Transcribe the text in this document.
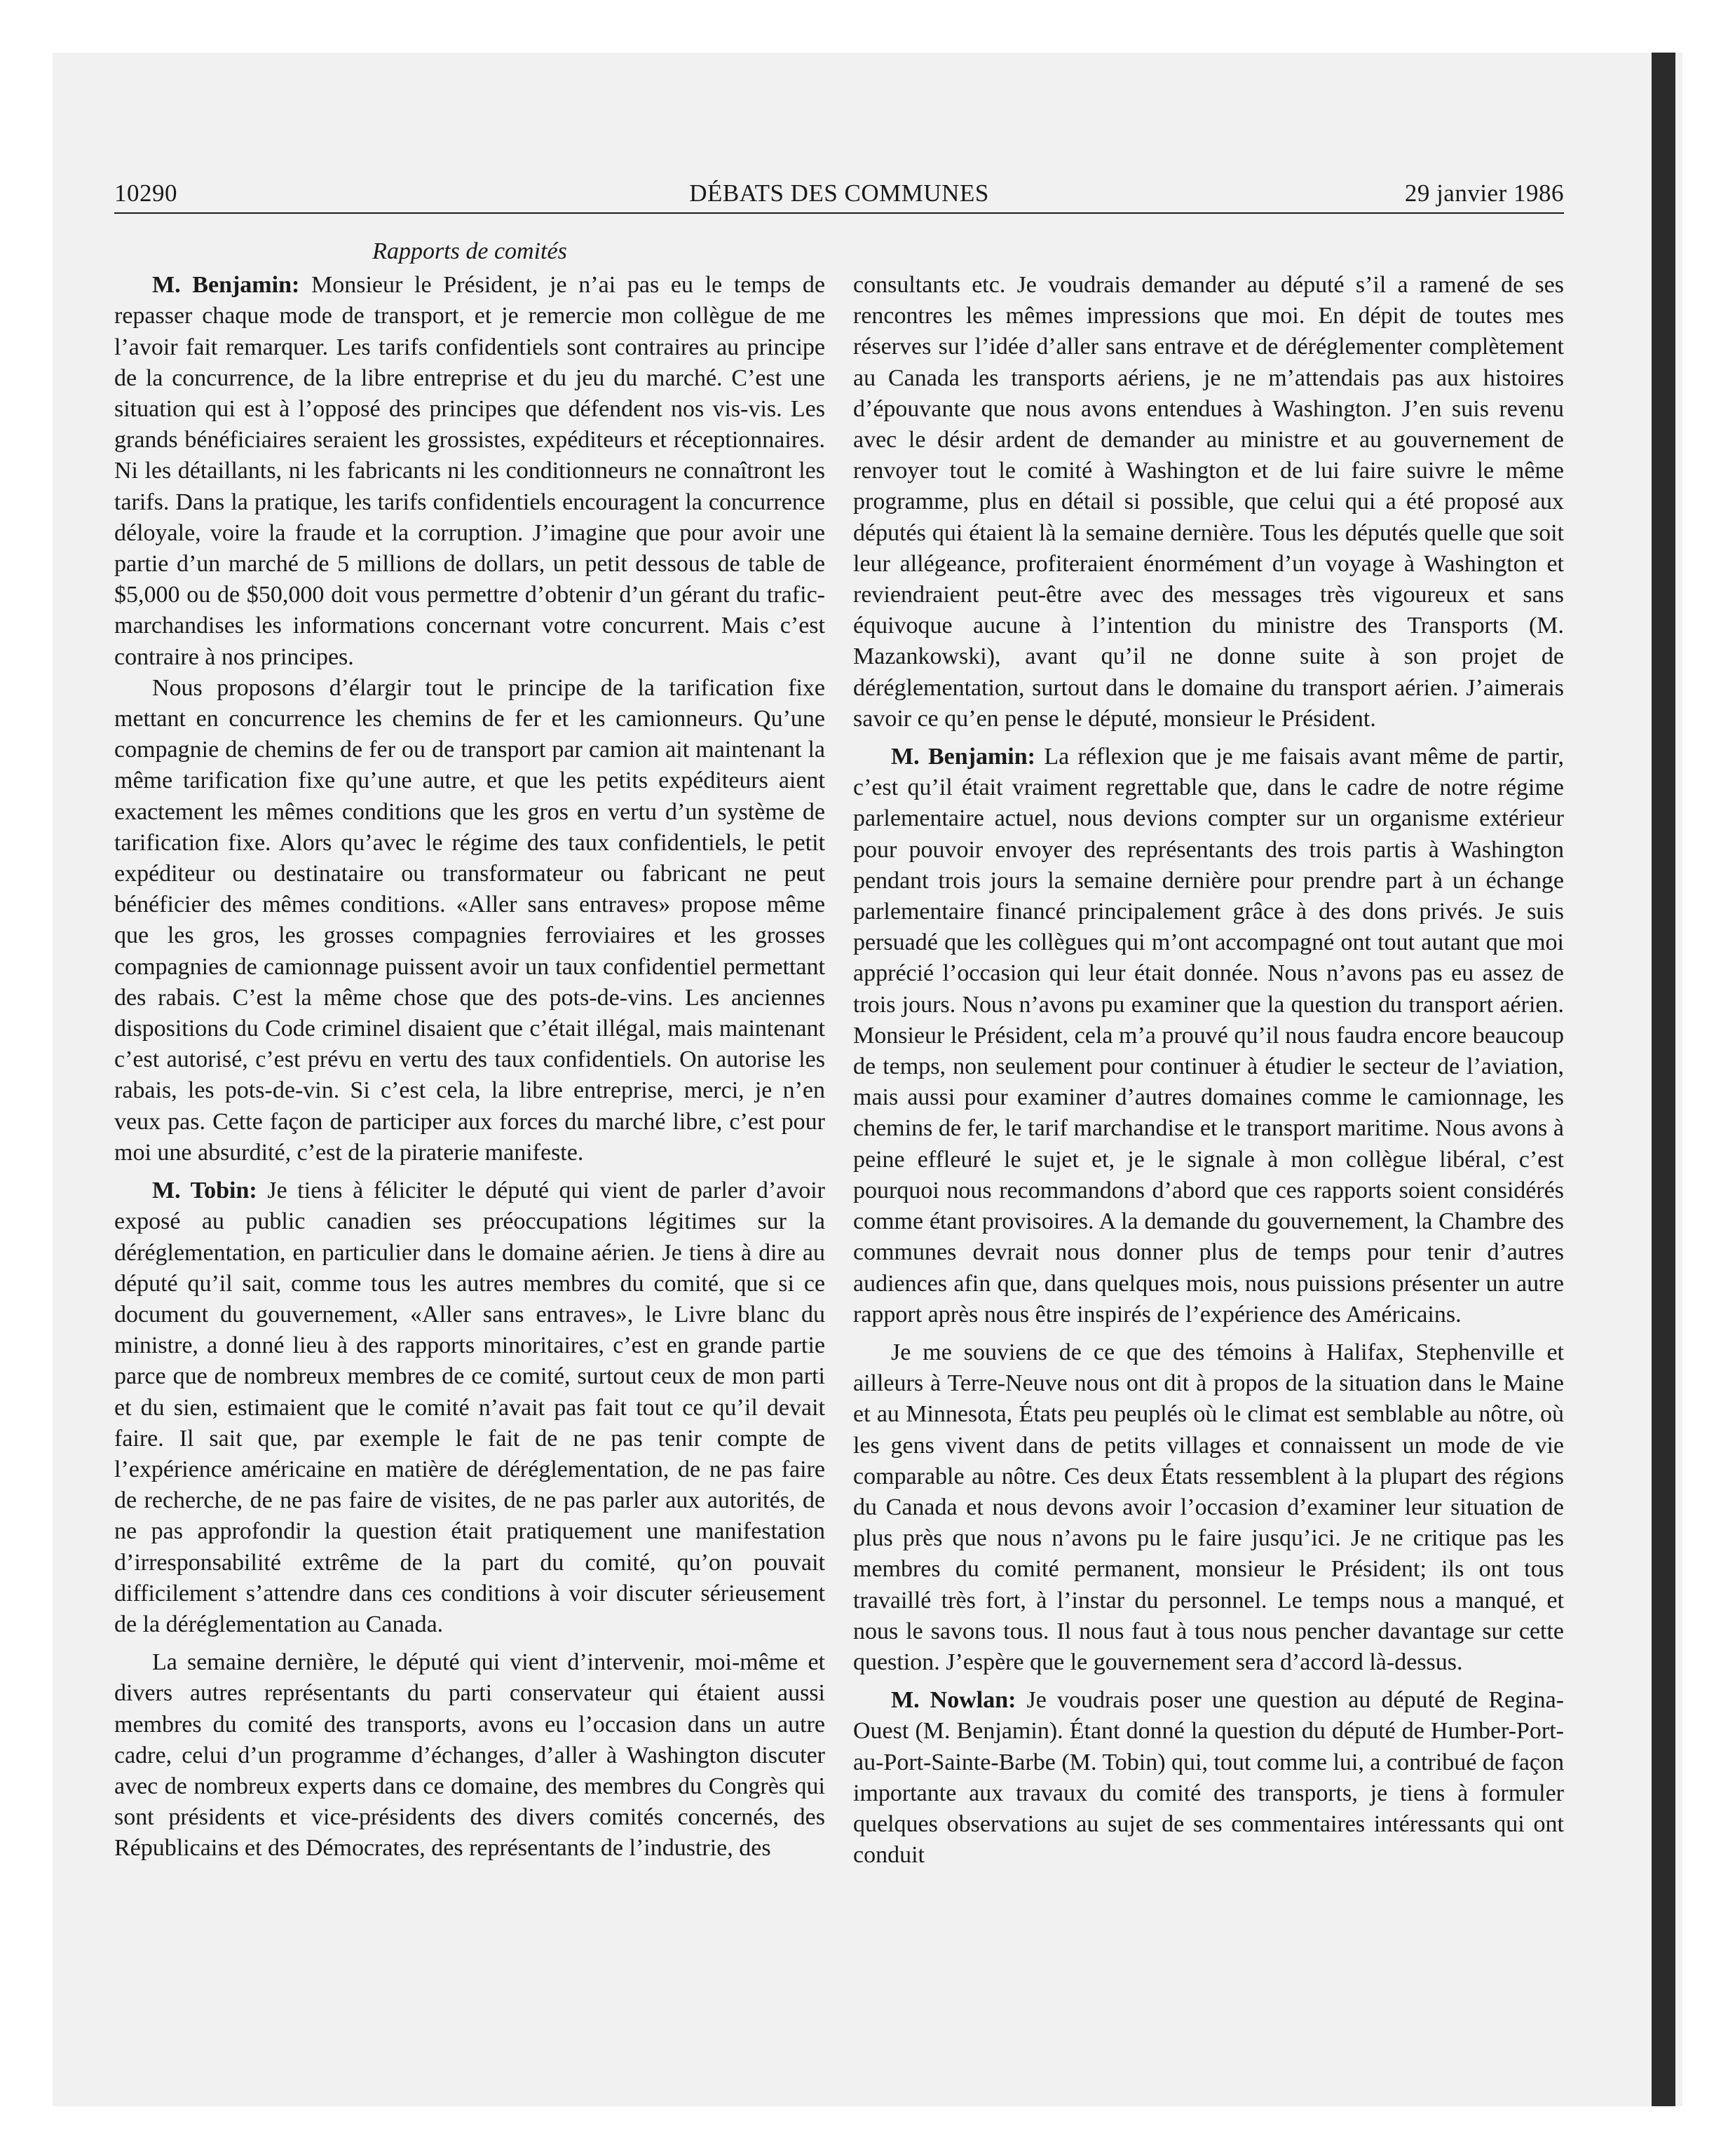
10290	DÉBATS DES COMMUNES	29 janvier 1986
Rapports de comités

M. Benjamin: Monsieur le Président, je n’ai pas eu le temps de repasser chaque mode de transport, et je remercie mon collègue de me l’avoir fait remarquer. Les tarifs confidentiels sont contraires au principe de la concurrence, de la libre entreprise et du jeu du marché. C’est une situation qui est à l’opposé des principes que défendent nos vis-vis. Les grands bénéficiaires seraient les grossistes, expéditeurs et réceptionnaires. Ni les détaillants, ni les fabricants ni les conditionneurs ne connaîtront les tarifs. Dans la pratique, les tarifs confidentiels encouragent la concurrence déloyale, voire la fraude et la corruption. J’imagine que pour avoir une partie d’un marché de 5 millions de dollars, un petit dessous de table de $5,000 ou de $50,000 doit vous permettre d’obtenir d’un gérant du trafic-marchandises les informations concernant votre concurrent. Mais c’est contraire à nos principes.

Nous proposons d’élargir tout le principe de la tarification fixe mettant en concurrence les chemins de fer et les camionneurs. Qu’une compagnie de chemins de fer ou de transport par camion ait maintenant la même tarification fixe qu’une autre, et que les petits expéditeurs aient exactement les mêmes conditions que les gros en vertu d’un système de tarification fixe. Alors qu’avec le régime des taux confidentiels, le petit expéditeur ou destinataire ou transformateur ou fabricant ne peut bénéficier des mêmes conditions. «Aller sans entraves» propose même que les gros, les grosses compagnies ferroviaires et les grosses compagnies de camionnage puissent avoir un taux confidentiel permettant des rabais. C’est la même chose que des pots-de-vins. Les anciennes dispositions du Code criminel disaient que c’était illégal, mais maintenant c’est autorisé, c’est prévu en vertu des taux confidentiels. On autorise les rabais, les pots-de-vin. Si c’est cela, la libre entreprise, merci, je n’en veux pas. Cette façon de participer aux forces du marché libre, c’est pour moi une absurdité, c’est de la piraterie manifeste.

M. Tobin: Je tiens à féliciter le député qui vient de parler d’avoir exposé au public canadien ses préoccupations légitimes sur la déréglementation, en particulier dans le domaine aérien. Je tiens à dire au député qu’il sait, comme tous les autres membres du comité, que si ce document du gouvernement, «Aller sans entraves», le Livre blanc du ministre, a donné lieu à des rapports minoritaires, c’est en grande partie parce que de nombreux membres de ce comité, surtout ceux de mon parti et du sien, estimaient que le comité n’avait pas fait tout ce qu’il devait faire. Il sait que, par exemple le fait de ne pas tenir compte de l’expérience américaine en matière de déréglementation, de ne pas faire de recherche, de ne pas faire de visites, de ne pas parler aux autorités, de ne pas approfondir la question était pratiquement une manifestation d’irresponsabilité extrême de la part du comité, qu’on pouvait difficilement s’attendre dans ces conditions à voir discuter sérieusement de la déréglementation au Canada.

La semaine dernière, le député qui vient d’intervenir, moi-même et divers autres représentants du parti conservateur qui étaient aussi membres du comité des transports, avons eu l’occasion dans un autre cadre, celui d’un programme d’échanges, d’aller à Washington discuter avec de nombreux experts dans ce domaine, des membres du Congrès qui sont présidents et vice-présidents des divers comités concernés, des Républicains et des Démocrates, des représentants de l’industrie, des

consultants etc. Je voudrais demander au député s’il a ramené de ses rencontres les mêmes impressions que moi. En dépit de toutes mes réserves sur l’idée d’aller sans entrave et de déréglementer complètement au Canada les transports aériens, je ne m’attendais pas aux histoires d’épouvante que nous avons entendues à Washington. J’en suis revenu avec le désir ardent de demander au ministre et au gouvernement de renvoyer tout le comité à Washington et de lui faire suivre le même programme, plus en détail si possible, que celui qui a été proposé aux députés qui étaient là la semaine dernière. Tous les députés quelle que soit leur allégeance, profiteraient énormément d’un voyage à Washington et reviendraient peut-être avec des messages très vigoureux et sans équivoque aucune à l’intention du ministre des Transports (M. Mazankowski), avant qu’il ne donne suite à son projet de déréglementation, surtout dans le domaine du transport aérien. J’aimerais savoir ce qu’en pense le député, monsieur le Président.

M. Benjamin: La réflexion que je me faisais avant même de partir, c’est qu’il était vraiment regrettable que, dans le cadre de notre régime parlementaire actuel, nous devions compter sur un organisme extérieur pour pouvoir envoyer des représentants des trois partis à Washington pendant trois jours la semaine dernière pour prendre part à un échange parlementaire financé principalement grâce à des dons privés. Je suis persuadé que les collègues qui m’ont accompagné ont tout autant que moi apprécié l’occasion qui leur était donnée. Nous n’avons pas eu assez de trois jours. Nous n’avons pu examiner que la question du transport aérien. Monsieur le Président, cela m’a prouvé qu’il nous faudra encore beaucoup de temps, non seulement pour continuer à étudier le secteur de l’aviation, mais aussi pour examiner d’autres domaines comme le camionnage, les chemins de fer, le tarif marchandise et le transport maritime. Nous avons à peine effleuré le sujet et, je le signale à mon collègue libéral, c’est pourquoi nous recommandons d’abord que ces rapports soient considérés comme étant provisoires. A la demande du gouvernement, la Chambre des communes devrait nous donner plus de temps pour tenir d’autres audiences afin que, dans quelques mois, nous puissions présenter un autre rapport après nous être inspirés de l’expérience des Américains.

Je me souviens de ce que des témoins à Halifax, Stephenville et ailleurs à Terre-Neuve nous ont dit à propos de la situation dans le Maine et au Minnesota, États peu peuplés où le climat est semblable au nôtre, où les gens vivent dans de petits villages et connaissent un mode de vie comparable au nôtre. Ces deux États ressemblent à la plupart des régions du Canada et nous devons avoir l’occasion d’examiner leur situation de plus près que nous n’avons pu le faire jusqu’ici. Je ne critique pas les membres du comité permanent, monsieur le Président; ils ont tous travaillé très fort, à l’instar du personnel. Le temps nous a manqué, et nous le savons tous. Il nous faut à tous nous pencher davantage sur cette question. J’espère que le gouvernement sera d’accord là-dessus.

M. Nowlan: Je voudrais poser une question au député de Regina-Ouest (M. Benjamin). Étant donné la question du député de Humber-Port-au-Port-Sainte-Barbe (M. Tobin) qui, tout comme lui, a contribué de façon importante aux travaux du comité des transports, je tiens à formuler quelques observations au sujet de ses commentaires intéressants qui ont conduit
